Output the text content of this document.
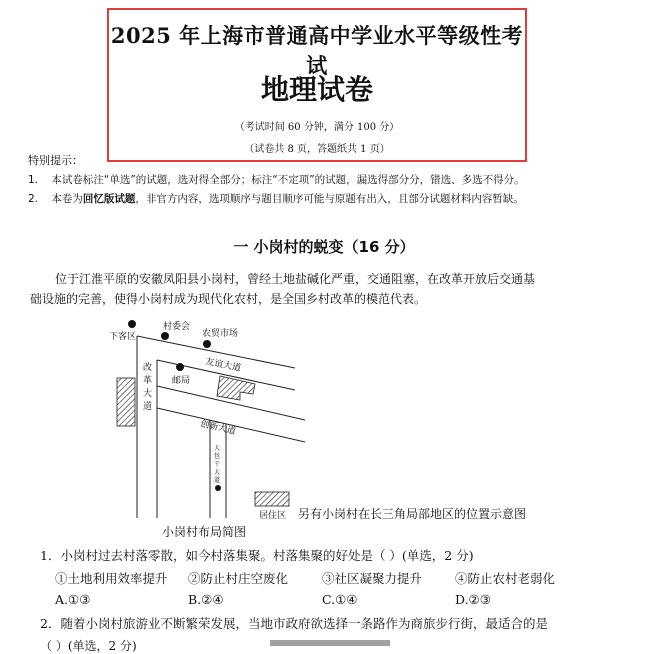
2025 年上海市普通高中学业水平等级性考试
地理试卷
（考试时间 60 分钟，满分 100 分）
（试卷共 8 页，答题纸共 1 页）
特别提示：
1. 本试卷标注“单选”的试题，选对得全部分；标注“不定项”的试题，漏选得部分分，错选、多选不得分。
2. 本卷为回忆版试题，非官方内容，选项顺序与题目顺序可能与原题有出入，且部分试题材料内容暂缺。
一 小岗村的蜕变（16 分）
位于江淮平原的安徽凤阳县小岗村，曾经土地盐碱化严重，交通阻塞，在改革开放后交通基
础设施的完善，使得小岗村成为现代化农村，是全国乡村改革的模范代表。
下客区
村委会
农贸市场
友谊大道
邮局
创新大道
改
革
大
道
大
包
干
大
道
居住区 另有小岗村在长三角局部地区的位置示意图
小岗村布局简图
1．小岗村过去村落零散，如今村落集聚。村落集聚的好处是（ ）(单选，2 分)
①土地利用效率提升 ②防止村庄空废化	③社区凝聚力提升	④防止农村老弱化
A.①③	B.②④	C.①④	D.②③
2．随着小岗村旅游业不断繁荣发展，当地市政府欲选择一条路作为商旅步行街，最适合的是
（ ）(单选，2 分)
